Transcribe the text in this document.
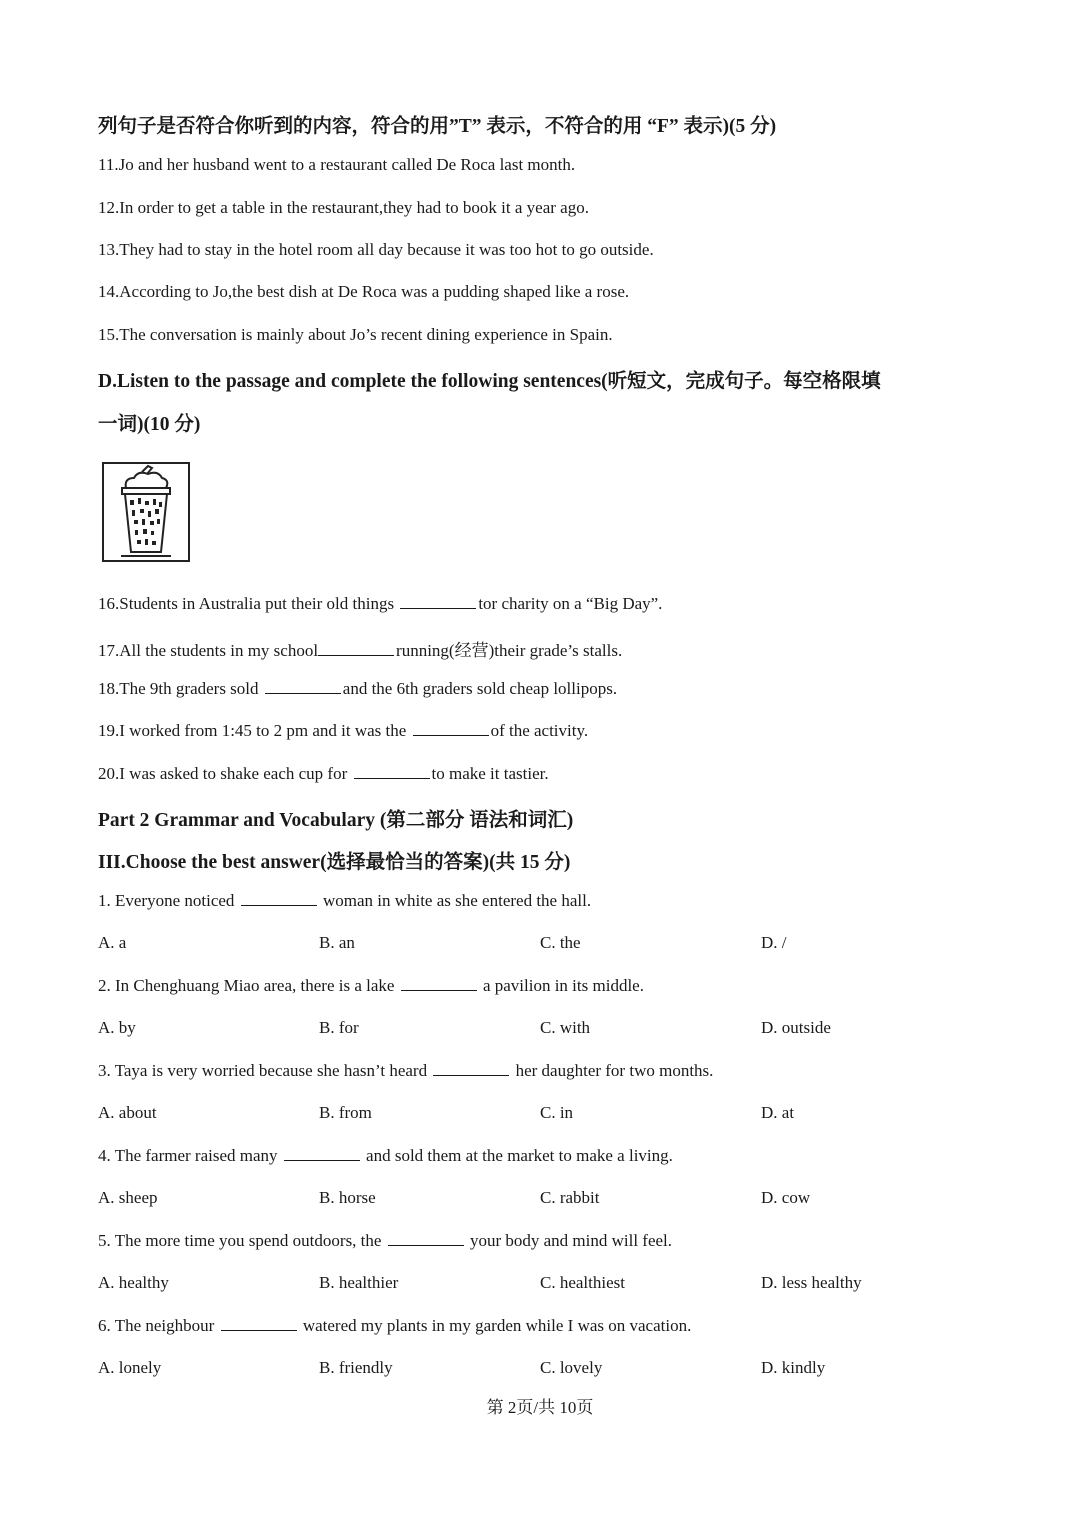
列句子是否符合你听到的内容，符合的用”T” 表示，不符合的用 “F” 表示)(5 分)
11.Jo and her husband went to a restaurant called De Roca last month.
12.In order to get a table in the restaurant,they had to book it a year ago.
13.They had to stay in the hotel room all day because it was too hot to go outside.
14.According to Jo,the best dish at De Roca was a pudding shaped like a rose.
15.The conversation is mainly about Jo’s recent dining experience in Spain.
D.Listen to the passage and complete the following sentences(听短文，完成句子。每空格限填
一词)(10 分)
16.Students in Australia put their old things	tor charity on a “Big Day”.
17.All the students in my school	running(经营)their grade’s stalls.
18.The 9th graders sold	and the 6th graders sold cheap lollipops.
19.I worked from 1:45 to 2 pm and it was the	of the activity.
20.I was asked to shake each cup for	to make it tastier.
Part 2 Grammar and Vocabulary (第二部分 语法和词汇)
III.Choose the best answer(选择最恰当的答案)(共 15 分)
1. Everyone noticed	woman in white as she entered the hall.
A. a	B. an	C. the	D. /
2. In Chenghuang Miao area, there is a lake	a pavilion in its middle.
A. by	B. for	C. with	D. outside
3. Taya is very worried because she hasn’t heard	her daughter for two months.
A. about	B. from	C. in	D. at
4. The farmer raised many	and sold them at the market to make a living.
A. sheep	B. horse	C. rabbit	D. cow
5. The more time you spend outdoors, the	your body and mind will feel.
A. healthy	B. healthier	C. healthiest	D. less healthy
6. The neighbour	watered my plants in my garden while I was on vacation.
A. lonely	B. friendly	C. lovely	D. kindly
第 2页/共 10页
